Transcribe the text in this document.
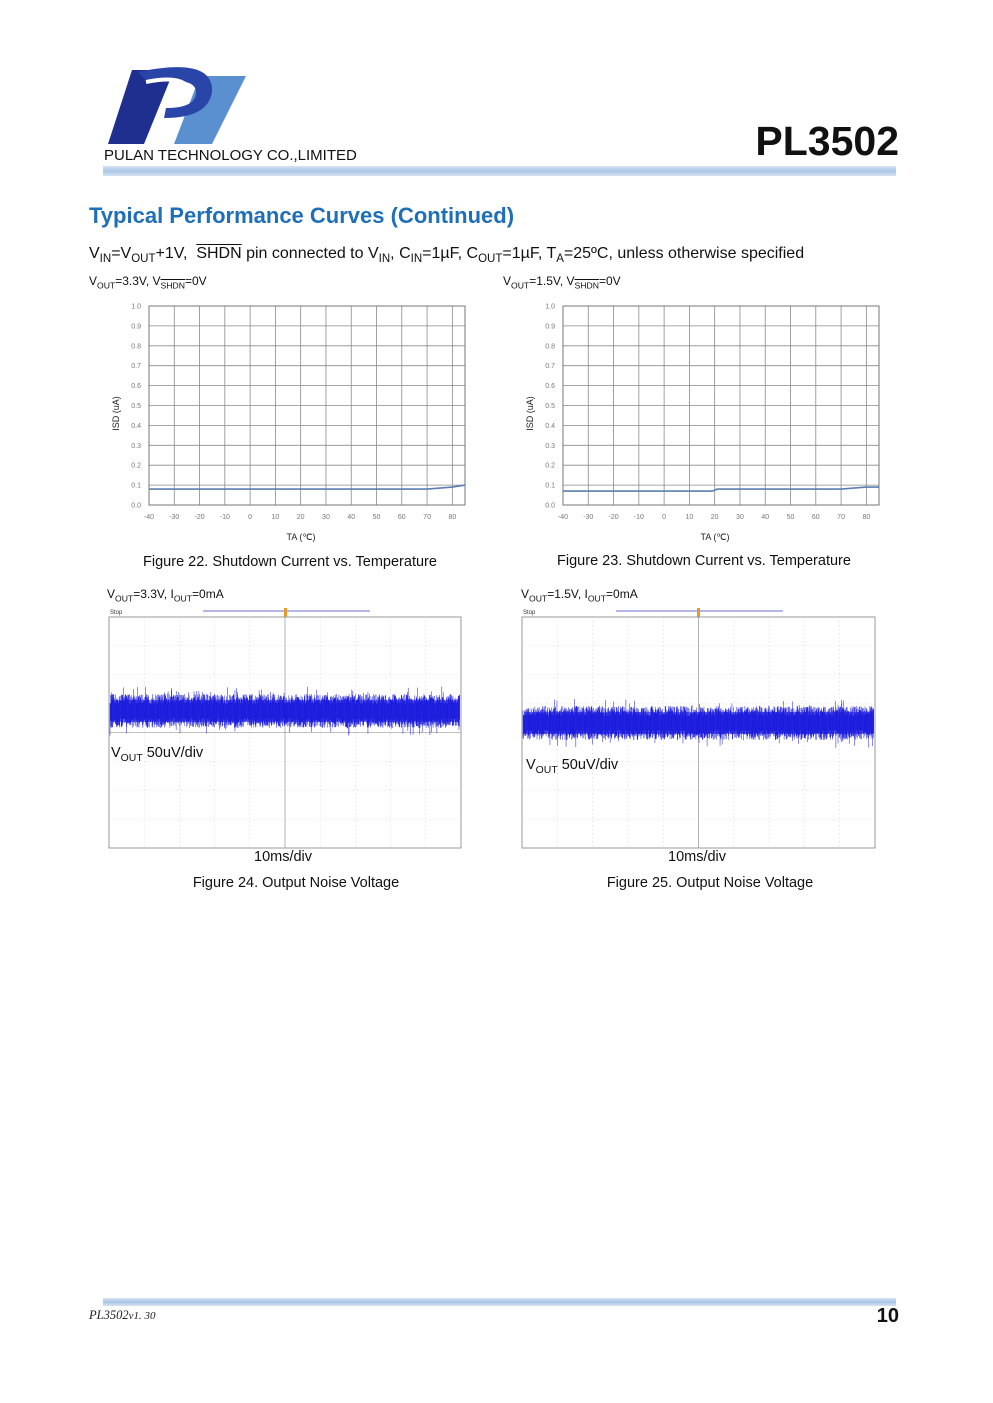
PULAN TECHNOLOGY CO.,LIMITED	PL3502
Typical Performance Curves (Continued)
$V_{IN}=V_{OUT}+1V$, SHDN pin connected to $V_{IN}$, $C_{IN}=1\mu F$, $C_{OUT}=1\mu F$, $T_A=25ºC$, unless otherwise specified
$V_{OUT}=3.3V$, $V_{SHDN}=0V$	$V_{OUT}=1.5V$, $V_{SHDN}=0V$
0.0
0.1
0.2
0.3
0.4
0.5
0.6
0.7
0.8
0.9
1.0
-40 -30 -20 -10	0	10 20 30 40 50 60 70 80
TA (℃)
ISD (uA)
0.0
0.1
0.2
0.3
0.4
0.5
0.6
0.7
0.8
0.9
1.0
-40 -30 -20 -10	0	10 20 30 40 50 60 70 80
TA (℃)
ISD (uA)
Figure 22. Shutdown Current vs. Temperature	Figure 23. Shutdown Current vs. Temperature
$V_{OUT}=3.3V$, $I_{OUT}=0mA$	$V_{OUT}=1.5V$, $I_{OUT}=0mA$
Stop	Stop
$V_{OUT}$ 50uV/div
$V_{OUT}$ 50uV/div
10ms/div	10ms/div
Figure 24. Output Noise Voltage	Figure 25. Output Noise Voltage
PL3502v1. 30	10
